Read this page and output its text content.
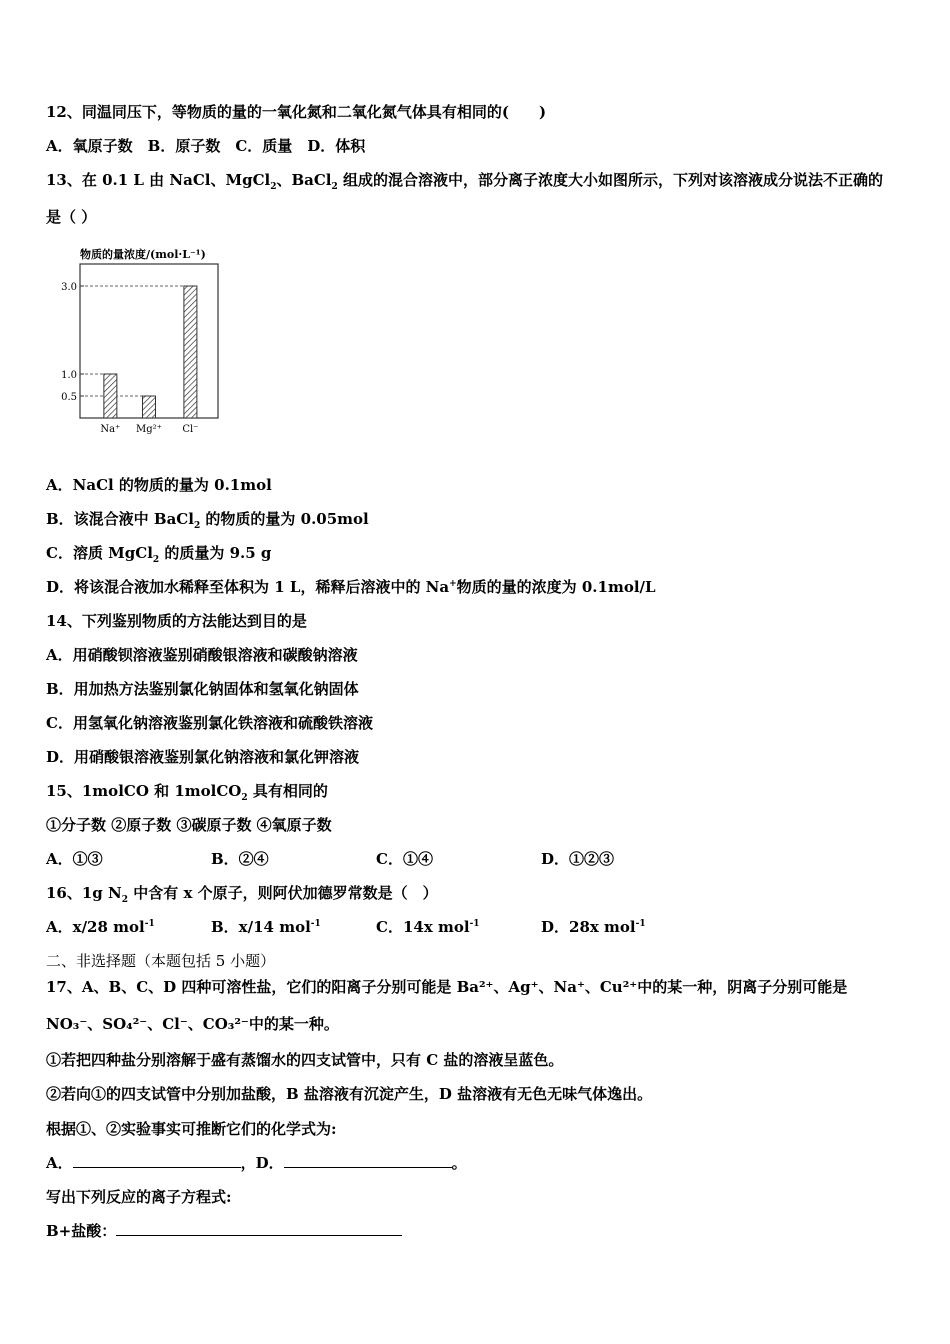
12、同温同压下，等物质的量的一氧化氮和二氧化氮气体具有相同的(　　)
A．氧原子数　B．原子数　C．质量　D．体积
13、在 0.1 L 由 NaCl、MgCl$_2$、BaCl$_2$ 组成的混合溶液中，部分离子浓度大小如图所示，下列对该溶液成分说法不正确的
是（ ）
物质的量浓度/(mol·L⁻¹)
3.0
1.0
0.5
Na⁺ Mg²⁺ Cl⁻
A．NaCl 的物质的量为 0.1mol
B．该混合液中 BaCl$_2$ 的物质的量为 0.05mol
C．溶质 MgCl$_2$ 的质量为 9.5 g
D．将该混合液加水稀释至体积为 1 L，稀释后溶液中的 Na+物质的量的浓度为 0.1mol/L
14、下列鉴别物质的方法能达到目的是
A．用硝酸钡溶液鉴别硝酸银溶液和碳酸钠溶液
B．用加热方法鉴别氯化钠固体和氢氧化钠固体
C．用氢氧化钠溶液鉴别氯化铁溶液和硫酸铁溶液
D．用硝酸银溶液鉴别氯化钠溶液和氯化钾溶液
15、1molCO 和 1molCO$_2$ 具有相同的
①分子数 ②原子数 ③碳原子数 ④氧原子数
A．①③	B．②④	C．①④	D．①②③
16、1g $N_2$ 中含有 x 个原子，则阿伏加德罗常数是（　）
A．x/28 mol$^{-1}$	B．x/14 mol$^{-1}$	C．14x mol$^{-1}$	D．28x mol$^{-1}$
二、非选择题（本题包括 5 小题）
17、A、B、C、D 四种可溶性盐，它们的阳离子分别可能是 Ba²⁺、Ag⁺、Na⁺、Cu²⁺中的某一种，阴离子分别可能是
NO₃⁻、SO₄²⁻、Cl⁻、CO₃²⁻中的某一种。
①若把四种盐分别溶解于盛有蒸馏水的四支试管中，只有 C 盐的溶液呈蓝色。
②若向①的四支试管中分别加盐酸，B 盐溶液有沉淀产生，D 盐溶液有无色无味气体逸出。
根据①、②实验事实可推断它们的化学式为:
A．	，D．	。
写出下列反应的离子方程式:
B+盐酸：
